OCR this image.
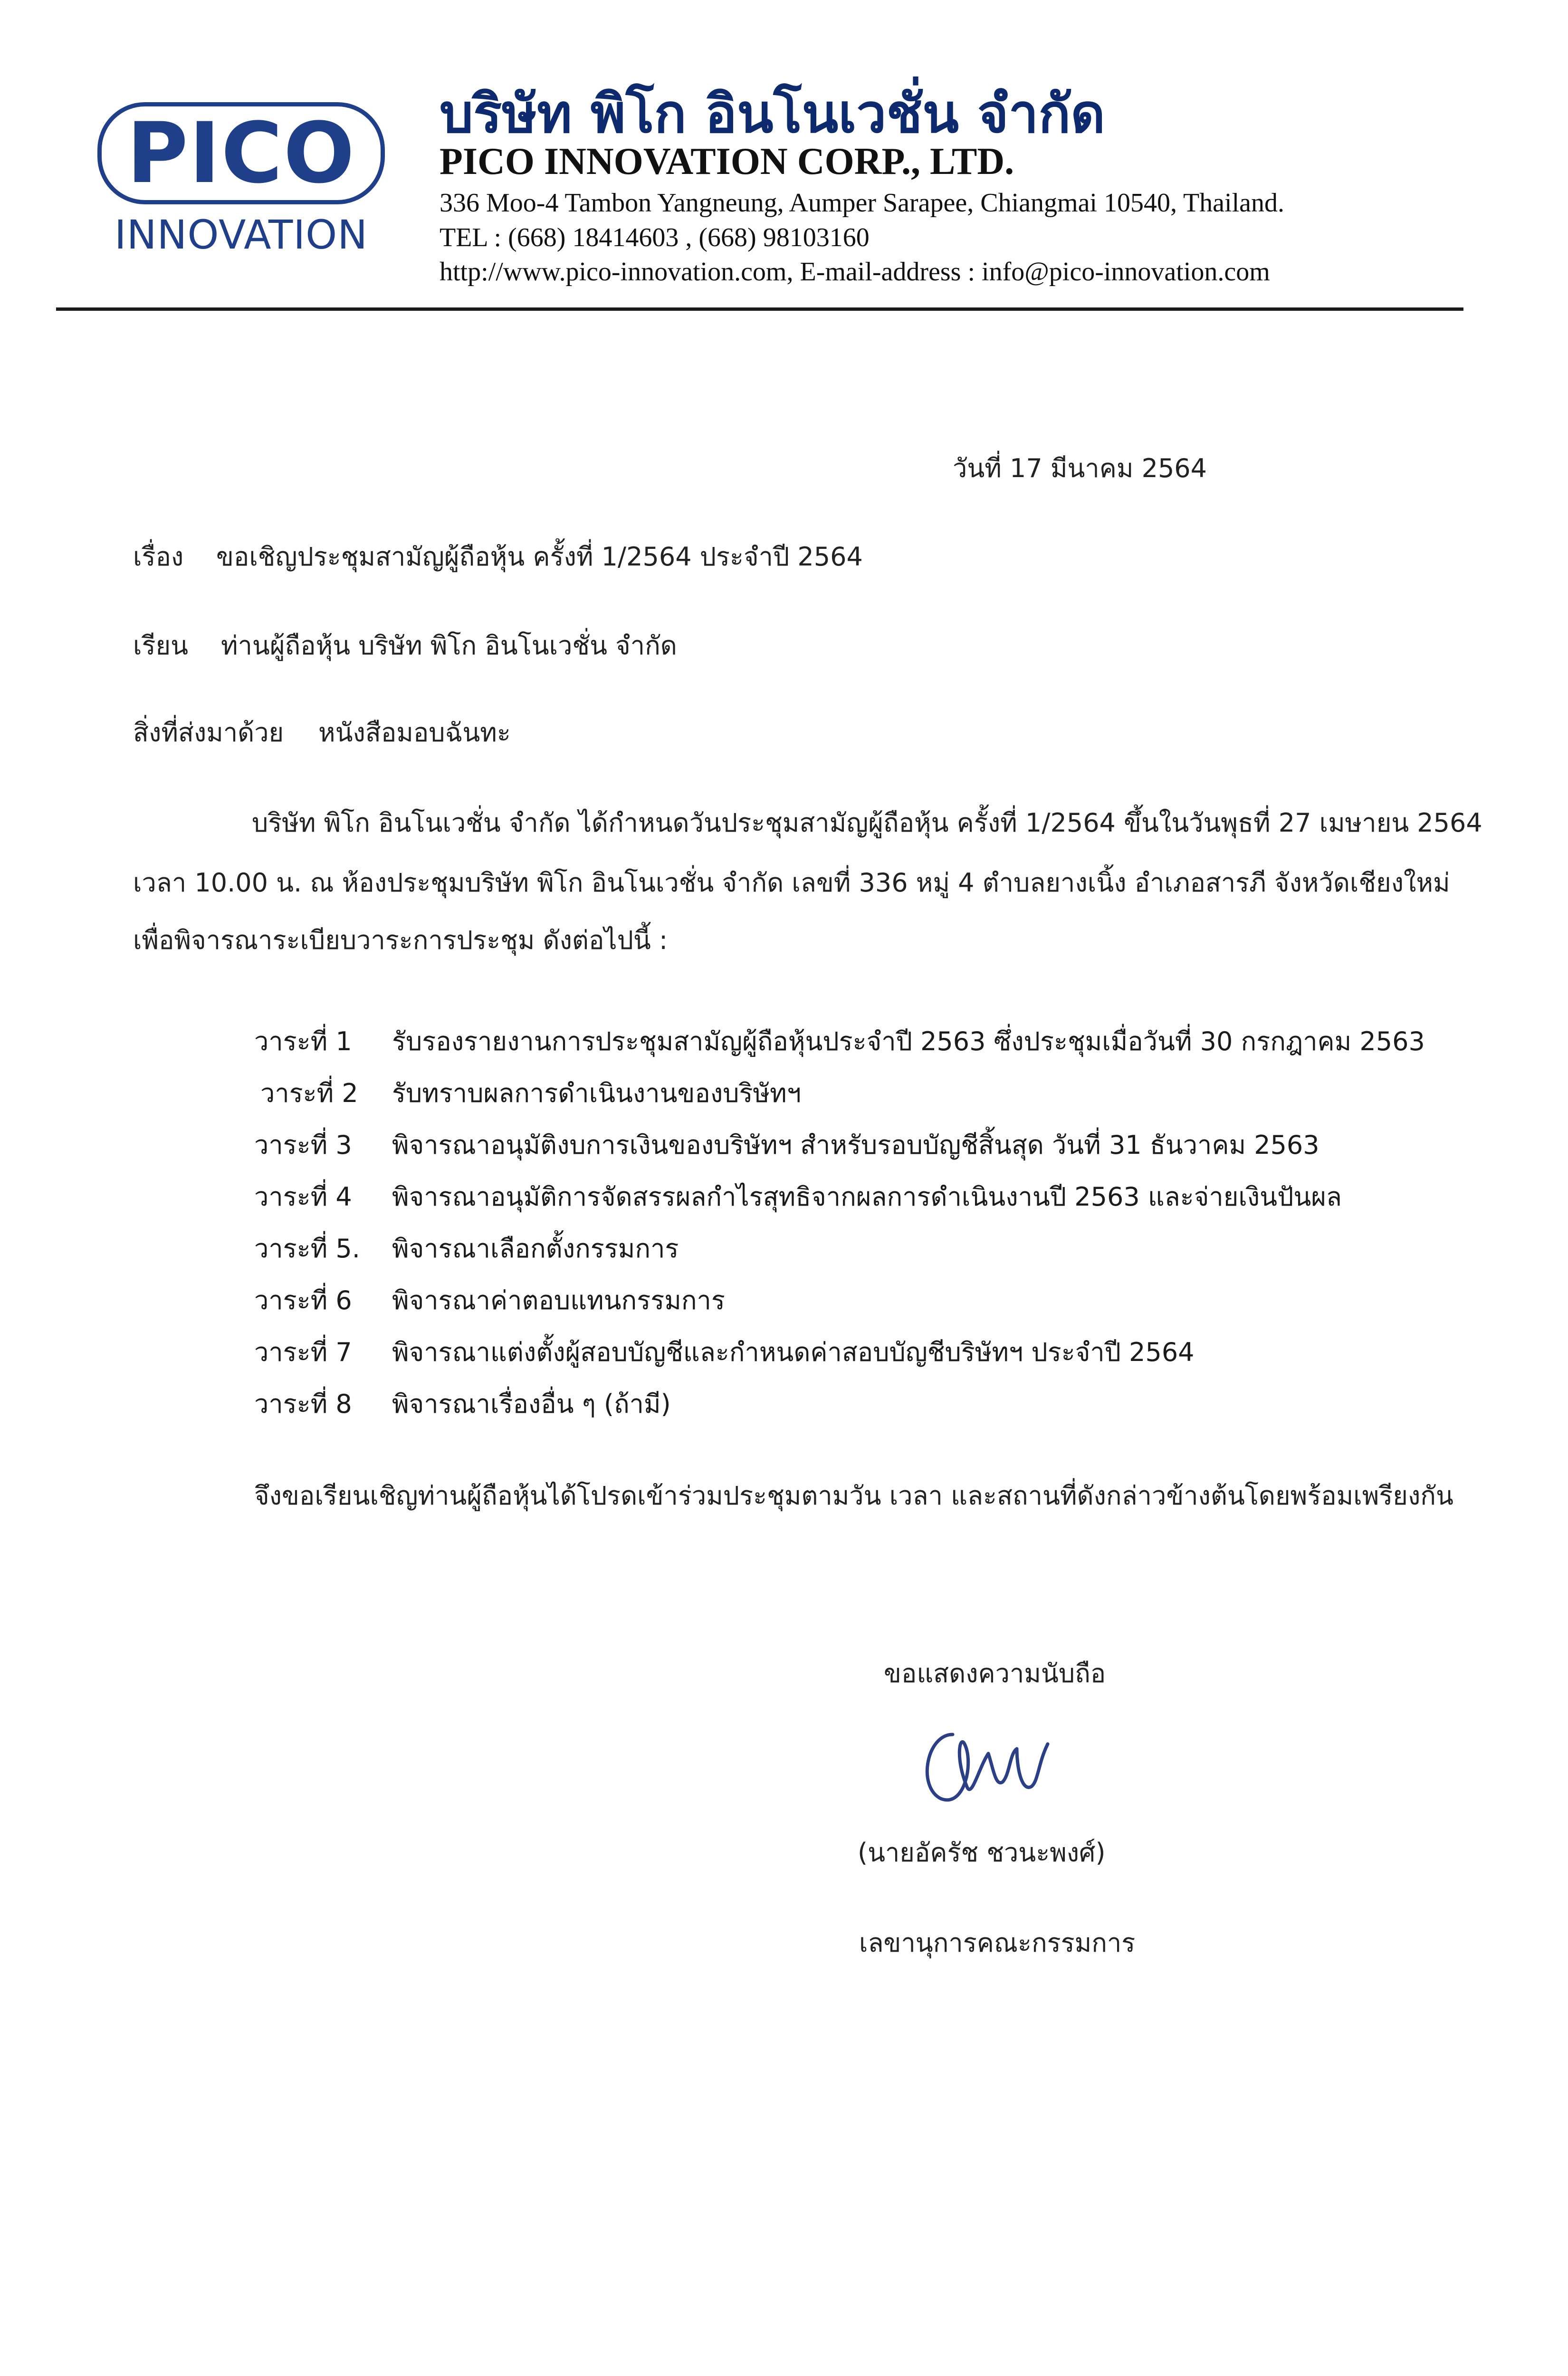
PICO
INNOVATION
บริษัท พิโก อินโนเวชั่น จำกัด
PICO INNOVATION CORP., LTD.
336 Moo-4 Tambon Yangneung, Aumper Sarapee, Chiangmai 10540, Thailand.
TEL : (668) 18414603 , (668) 98103160
http://www.pico-innovation.com, E-mail-address : info@pico-innovation.com
วันที่ 17 มีนาคม 2564
เรื่อง ขอเชิญประชุมสามัญผู้ถือหุ้น ครั้งที่ 1/2564 ประจำปี 2564
เรียน ท่านผู้ถือหุ้น บริษัท พิโก อินโนเวชั่น จำกัด
สิ่งที่ส่งมาด้วย หนังสือมอบฉันทะ
บริษัท พิโก อินโนเวชั่น จำกัด ได้กำหนดวันประชุมสามัญผู้ถือหุ้น ครั้งที่ 1/2564 ขึ้นในวันพุธที่ 27 เมษายน 2564
เวลา 10.00 น. ณ ห้องประชุมบริษัท พิโก อินโนเวชั่น จำกัด เลขที่ 336 หมู่ 4 ตำบลยางเนิ้ง อำเภอสารภี จังหวัดเชียงใหม่
เพื่อพิจารณาระเบียบวาระการประชุม ดังต่อไปนี้ :
วาระที่ 1 รับรองรายงานการประชุมสามัญผู้ถือหุ้นประจำปี 2563 ซึ่งประชุมเมื่อวันที่ 30 กรกฎาคม 2563
วาระที่ 2 รับทราบผลการดำเนินงานของบริษัทฯ
วาระที่ 3 พิจารณาอนุมัติงบการเงินของบริษัทฯ สำหรับรอบบัญชีสิ้นสุด วันที่ 31 ธันวาคม 2563
วาระที่ 4 พิจารณาอนุมัติการจัดสรรผลกำไรสุทธิจากผลการดำเนินงานปี 2563 และจ่ายเงินปันผล
วาระที่ 5. พิจารณาเลือกตั้งกรรมการ
วาระที่ 6 พิจารณาค่าตอบแทนกรรมการ
วาระที่ 7 พิจารณาแต่งตั้งผู้สอบบัญชีและกำหนดค่าสอบบัญชีบริษัทฯ ประจำปี 2564
วาระที่ 8 พิจารณาเรื่องอื่น ๆ (ถ้ามี)
จึงขอเรียนเชิญท่านผู้ถือหุ้นได้โปรดเข้าร่วมประชุมตามวัน เวลา และสถานที่ดังกล่าวข้างต้นโดยพร้อมเพรียงกัน
ขอแสดงความนับถือ
(นายอัครัช ชวนะพงศ์)
เลขานุการคณะกรรมการ
